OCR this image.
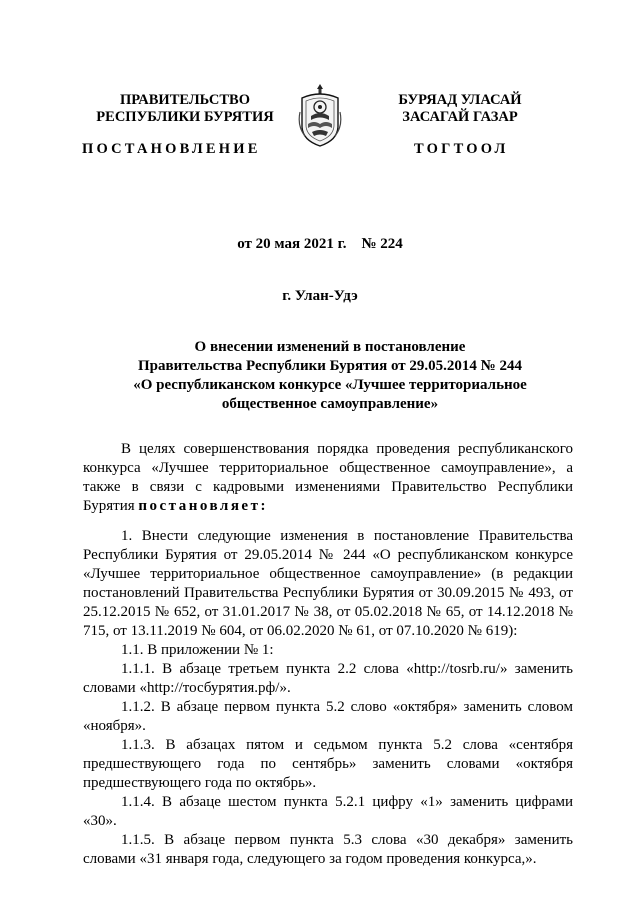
ПРАВИТЕЛЬСТВО
РЕСПУБЛИКИ БУРЯТИЯ
ПОСТАНОВЛЕНИЕ
БУРЯАД УЛАСАЙ
ЗАСАГАЙ ГАЗАР
ТОГТООЛ
от 20 мая 2021 г.    № 224
г. Улан-Удэ
О внесении изменений в постановление
Правительства Республики Бурятия от 29.05.2014 № 244
«О республиканском конкурсе «Лучшее территориальное
общественное самоуправление»

В целях совершенствования порядка проведения республиканского конкурса «Лучшее территориальное общественное самоуправление», а также в связи с кадровыми изменениями Правительство Республики Бурятия постановляет:

1. Внести следующие изменения в постановление Правительства Республики Бурятия от 29.05.2014 № 244 «О республиканском конкурсе «Лучшее территориальное общественное самоуправление» (в редакции постановлений Правительства Республики Бурятия от 30.09.2015 № 493, от 25.12.2015 № 652, от 31.01.2017 № 38, от 05.02.2018 № 65, от 14.12.2018 № 715, от 13.11.2019 № 604, от 06.02.2020 № 61, от 07.10.2020 № 619):

1.1. В приложении № 1:

1.1.1. В абзаце третьем пункта 2.2 слова «http://tosrb.ru/» заменить словами «http://тосбурятия.рф/».

1.1.2. В абзаце первом пункта 5.2 слово «октября» заменить словом «ноября».

1.1.3. В абзацах пятом и седьмом пункта 5.2 слова «сентября предшествующего года по сентябрь» заменить словами «октября предшествующего года по октябрь».

1.1.4. В абзаце шестом пункта 5.2.1 цифру «1» заменить цифрами «30».

1.1.5. В абзаце первом пункта 5.3 слова «30 декабря» заменить словами «31 января года, следующего за годом проведения конкурса,».
